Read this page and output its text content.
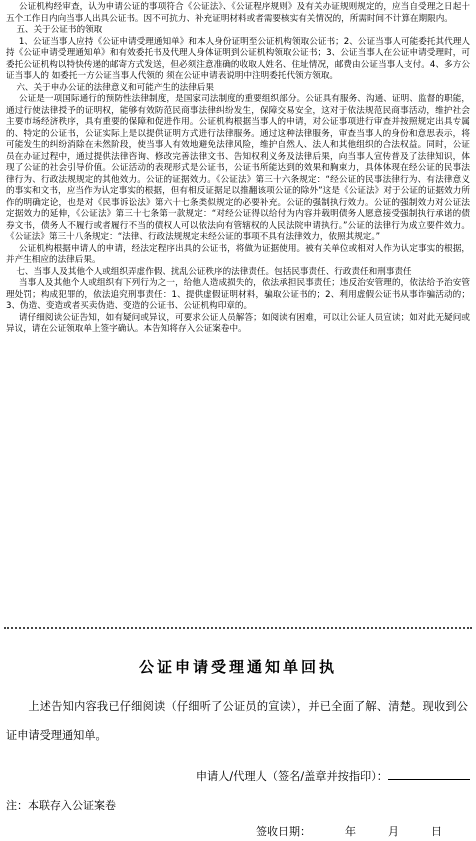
公证机构经审查，认为申请公证的事项符合《公证法》、《公证程序规则》及有关办证规则规定的，应当自受理之日起十五个工作日内向当事人出具公证书。因不可抗力、补充证明材料或者需要核实有关情况的，所需时间不计算在期限内。

五、关于公证书的领取

1、公证当事人应持《公证申请受理通知单》和本人身份证明至公证机构领取公证书；2、公证当事人可能委托其代理人持《公证申请受理通知单》和有效委托书及代理人身体证明到公证机构领取公证书；3、公证当事人在公证申请受理时，可委托公证机构以特快传递的邮寄方式发送，但必须注意准确的收取人姓名、住址情况，邮费由公证当事人支付。4、多方公证当事人的 如委托一方公证当事人代领的 须在公证申请表说明中注明委托代领方领取。

六、关于申办公证的法律意义和可能产生的法律后果

公证是一项国际通行的预防性法律制度，是国家司法制度的重要组织部分。公证具有服务、沟通、证明、监督的职能，通过行使法律授予的证明权，能够有效防范民商事法律纠纷发生，保障交易安全，这对于依法规范民商事活动，维护社会主要市场经济秩序，具有重要的保障和促进作用。公证机构根据当事人的申请，对公证事项进行审查并按照规定出具专属的、特定的公证书，公证实际上是以提供证明方式进行法律服务。通过这种法律服务，审查当事人的身份和意思表示，将可能发生的纠纷消除在未然阶段，使当事人有效地避免法律风险，维护自然人、法人和其他组织的合法权益。同时，公证员在办证过程中，通过提供法律咨询、修改完善法律文书、告知权利义务及法律后果，向当事人宣传普及了法律知识，体现了公证的社会引导价值。公证活动的表现形式是公证书，公证书所能达到的效果和胸束力，具体体现在经公证的民事法律行为、行政法规规定的其他效力。公证的证据效力。《公证法》第三十六条规定：“经公证的民事法律行为、有法律意义的事实和文书，应当作为认定事实的根据，但有相反证据足以推翻该项公证的除外”这是《公证法》对于公证的证据效力所作的明确定论，也是对《民事诉讼法》第六十七条类似规定的必要补充。公证的强制执行效力。公证的强制效力对公证法定据效力的延伸，《公证法》第三十七条第一款规定：“对经公证得以给付为内容并载明债务人愿意接受强制执行承诺的债券文书，债务人不履行或者履行不当的债权人可以依法向有管辖权的人民法院申请执行。”公证的法律行为成立要件效力。《公证法》第三十八条规定：“法律、行政法规规定未经公证的事项不具有法律效力，依照其规定。”

公证机构根据申请人的申请，经法定程序出具的公证书，将做为证据使用。被有关单位或相对人作为认定事实的根据，并产生相应的法律后果。

七、当事人及其他个人或组织弄虚作假、扰乱公证秩序的法律责任。包括民事责任、行政责任和刑事责任

当事人及其他个人或组织有下列行为之一，给他人造成损失的，依法承担民事责任；违反治安管理的，依法给予治安管理处罚；构成犯罪的，依法追究刑事责任：1、提供虚假证明材料，骗取公证书的；2、利用虚假公证书从事诈骗活动的；3、伪造、变造或者买卖伪造、变造的公证书、公证机构印章的。

请仔细阅读公证告知，如有疑问或异议，可要求公证人员解答；如阅读有困难，可以让公证人员宣读；如对此无疑问或异议，请在公证领取单上签字确认。本告知将存入公证案卷中。

公证申请受理通知单回执

上述告知内容我已仔细阅读（仔细听了公证员的宣读），并已全面了解、清楚。现收到公证申请受理通知单。

申请人/代理人（签名/盖章并按指印）：
注：本联存入公证案卷
签收日期：	年	月	日
